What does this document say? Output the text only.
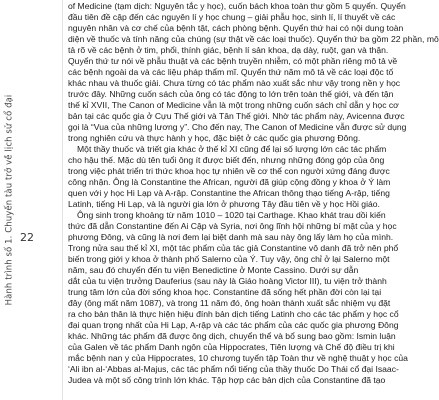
Hành trình số 1. Chuyến tàu trở về lịch sử cổ đại 22
of Medicine (tạm dịch: Nguyên tắc y học), cuốn bách khoa toàn thư gồm 5 quyển. Quyển
đầu tiên đề cập đến các nguyên lí y học chung – giải phẫu học, sinh lí, lí thuyết về các
nguyên nhân và cơ chế của bệnh tật, cách phòng bệnh. Quyển thứ hai có nội dung toàn
diện về thuốc và tính năng của chúng (sự thật về các loại thuốc). Quyển thứ ba gồm 22 phần, mô
tả rõ về các bệnh ở tim, phổi, thính giác, bệnh lí sản khoa, dạ dày, ruột, gan và thận.
Quyển thứ tư nói về phẫu thuật và các bệnh truyền nhiễm, có một phần riêng mô tả về
các bệnh ngoài da và các liệu pháp thẩm mĩ. Quyển thứ năm mô tả về các loại độc tố
khác nhau và thuốc giải. Chưa từng có tác phẩm nào xuất sắc như vậy trong nền y học
trước đây. Những cuốn sách của ông có tác động to lớn trên toàn thế giới, và đến tận
thế kỉ XVII, The Canon of Medicine vẫn là một trong những cuốn sách chỉ dẫn y học cơ
bản tại các quốc gia ở Cựu Thế giới và Tân Thế giới. Nhờ tác phẩm này, Avicenna được
gọi là “Vua của những lương y”. Cho đến nay, The Canon of Medicine vẫn được sử dụng
trong nghiên cứu và thực hành y học, đặc biệt ở các quốc gia phương Đông.
Một thầy thuốc và triết gia khác ở thế kỉ XI cũng để lại số lượng lớn các tác phẩm
cho hậu thế. Mặc dù tên tuổi ông ít được biết đến, nhưng những đóng góp của ông
trong việc phát triển tri thức khoa học tự nhiên về cơ thể con người xứng đáng được
công nhận. Ông là Constantine the African, người đã giúp cộng đồng y khoa ở Ý làm
quen với y học Hi Lạp và A-rập. Constantine the African thông thạo tiếng A-rập, tiếng
Latinh, tiếng Hi Lạp, và là người gia lớn ở phương Tây đầu tiên về y học Hồi giáo.
Ông sinh trong khoảng từ năm 1010 – 1020 tại Carthage. Khao khát trau dồi kiến
thức đã dẫn Constantine đến Ai Cập và Syria, nơi ông lĩnh hội những bí mật của y học
phương Đông, và cũng là nơi đem lại biệt danh mà sau này ông lấy làm họ của mình.
Trong nửa sau thế kỉ XI, một tác phẩm của tác giả Constantine vô danh đã trở nên phổ
biến trong giới y khoa ở thành phố Salerno của Ý. Tuy vậy, ông chỉ ở lại Salerno một
năm, sau đó chuyển đến tu viện Benedictine ở Monte Cassino. Dưới sự dẫn
dắt của tu viện trưởng Dauferius (sau này là Giáo hoàng Victor III), tu viện trở thành
trung tâm lớn của đời sống khoa học. Constantine đã sống hết phần đời còn lại tại
đây (ông mất năm 1087), và trong 11 năm đó, ông hoàn thành xuất sắc nhiệm vụ đặt
ra cho bản thân là thực hiện hiệu đính bản dịch tiếng Latinh cho các tác phẩm y học cổ
đại quan trọng nhất của Hi Lạp, A-rập và các tác phẩm của các quốc gia phương Đông
khác. Những tác phẩm đã được ông dịch, chuyển thể và bổ sung bao gồm: Ismin luận
của Galen về tác phẩm Danh ngôn của Hippocrates, Tiên lượng và Chế độ điều trị khi
mắc bệnh nan y của Hippocrates, 10 chương tuyển tập Toàn thư về nghệ thuật y học của
‘Ali ibn al-‘Abbas al-Majus, các tác phẩm nổi tiếng của thầy thuốc Do Thái cổ đại Isaac-
Judea và một số công trình lớn khác. Tập hợp các bản dịch của Constantine đã tạo
